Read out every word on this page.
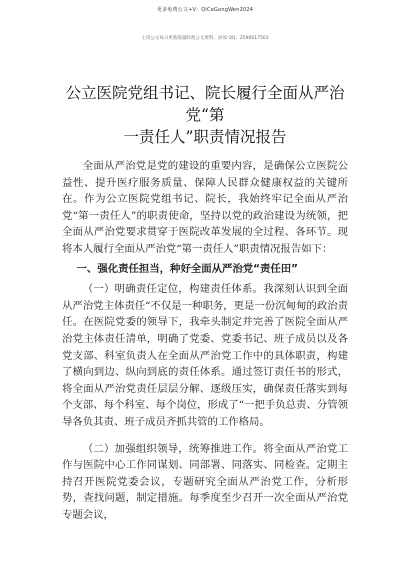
更多免费公文+V：QiCeGongWen2024
七哥公文每日更新海量时政公文资料，添加 QQ：2590017503
公立医院党组书记、院长履行全面从严治党“第
一责任人”职责情况报告

全面从严治党是党的建设的重要内容，是确保公立医院公益性、提升医疗服务质量、保障人民群众健康权益的关键所在。作为公立医院党组书记、院长，我始终牢记全面从严治党“第一责任人”的职责使命，坚持以党的政治建设为统领，把全面从严治党要求贯穿于医院改革发展的全过程、各环节。现将本人履行全面从严治党“第一责任人”职责情况报告如下：

一、强化责任担当，种好全面从严治党“责任田”

（一）明确责任定位，构建责任体系。我深刻认识到全面从严治党主体责任“不仅是一种职务，更是一份沉甸甸的政治责任。在医院党委的领导下，我牵头制定并完善了医院全面从严治党主体责任清单，明确了党委、党委书记、班子成员以及各党支部、科室负责人在全面从严治党工作中的具体职责，构建了横向到边、纵向到底的责任体系。通过签订责任书的形式，将全面从严治党责任层层分解、逐级压实，确保责任落实到每个支部、每个科室、每个岗位，形成了“一把手负总责、分管领导各负其责、班子成员齐抓共管的工作格局。

（二）加强组织领导，统筹推进工作。将全面从严治党工作与医院中心工作同谋划、同部署、同落实、同检查。定期主持召开医院党委会议，专题研究全面从严治党工作，分析形势，查找问题，制定措施。每季度至少召开一次全面从严治党专题会议，
